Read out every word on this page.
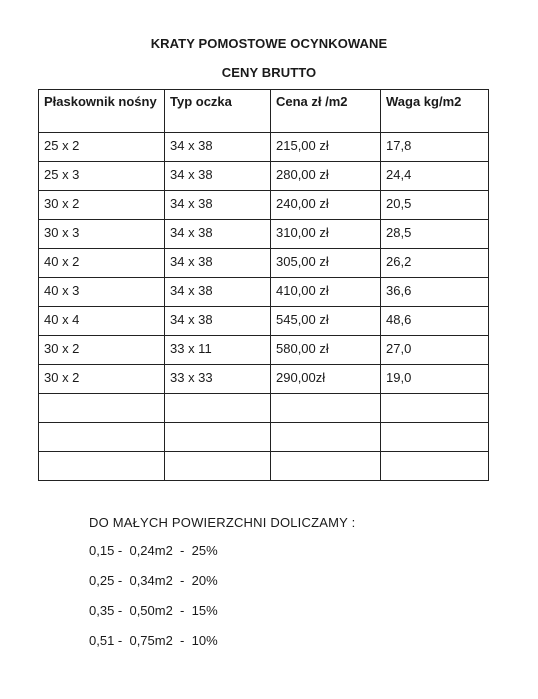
KRATY POMOSTOWE OCYNKOWANE
CENY BRUTTO
Płaskownik nośny	Typ oczka	Cena zł /m2	Waga kg/m2
25 x 2	34 x 38	215,00 zł	17,8
25 x 3	34 x 38	280,00 zł	24,4
30 x 2	34 x 38	240,00 zł	20,5
30 x 3	34 x 38	310,00 zł	28,5
40 x 2	34 x 38	305,00 zł	26,2
40 x 3	34 x 38	410,00 zł	36,6
40 x 4	34 x 38	545,00 zł	48,6
30 x 2	33 x 11	580,00 zł	27,0
30 x 2	33 x 33	290,00zł	19,0

DO MAŁYCH POWIERZCHNI DOLICZAMY :
0,15 -  0,24m2  -  25%
0,25 -  0,34m2  -  20%
0,35 -  0,50m2  -  15%
0,51 -  0,75m2  -  10%
